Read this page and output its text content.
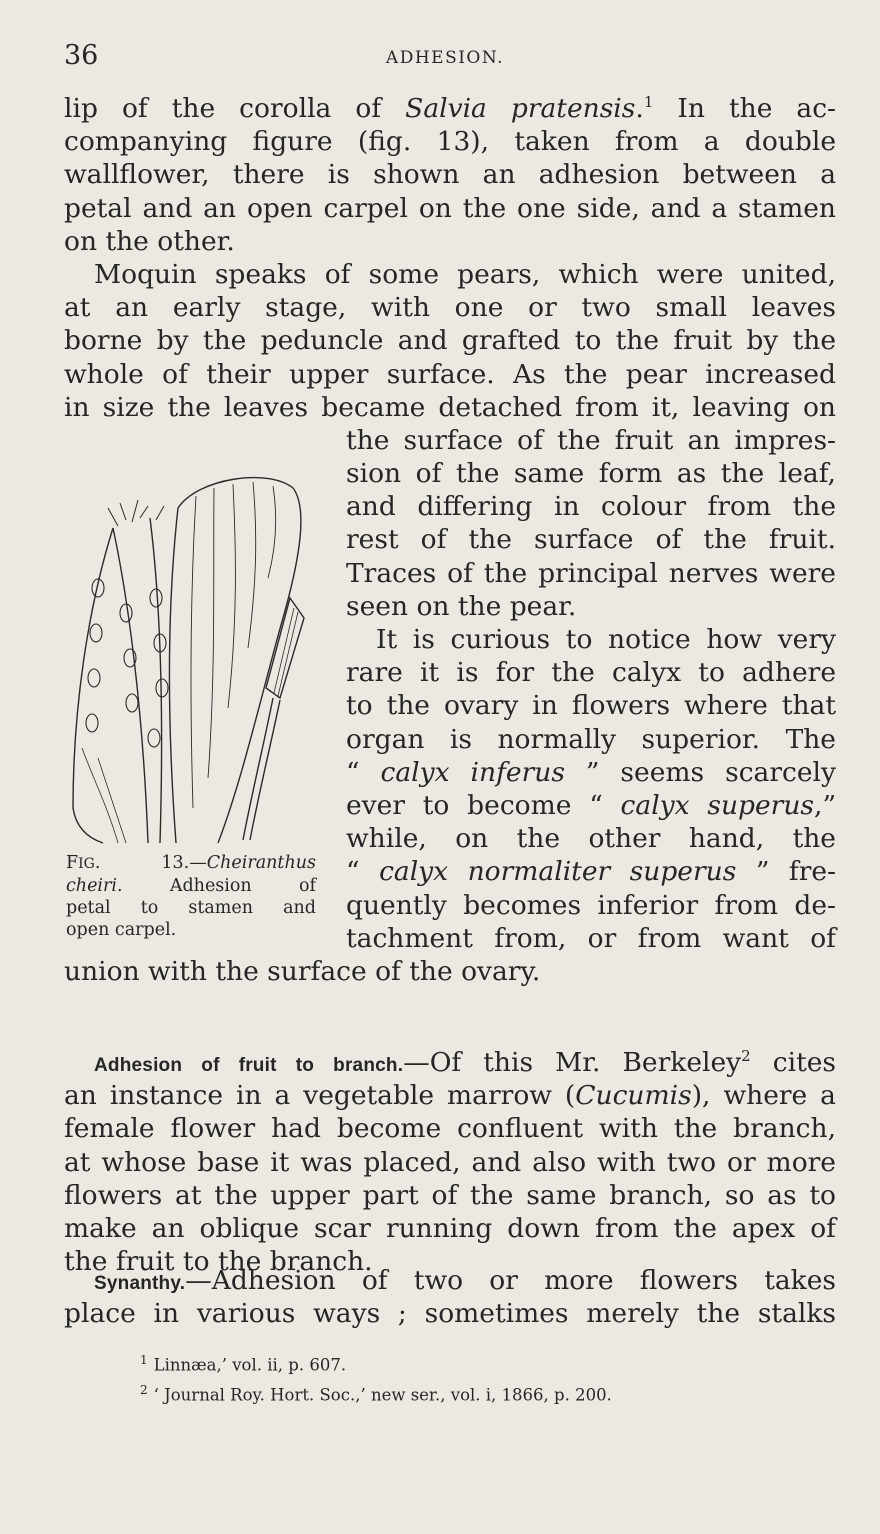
36	ADHESION.
lip of the corolla of Salvia pratensis.$^1$ In the ac-
companying figure (fig. 13), taken from a double
wallflower, there is shown an adhesion between a
petal and an open carpel on the one side, and a stamen
on the other.
Moquin speaks of some pears, which were united,
at an early stage, with one or two small leaves
borne by the peduncle and grafted to the fruit by the
whole of their upper surface. As the pear increased
in size the leaves became detached from it, leaving on
the surface of the fruit an impres-
sion of the same form as the leaf,
and differing in colour from the
rest of the surface of the fruit.
Traces of the principal nerves were
seen on the pear.
It is curious to notice how very
rare it is for the calyx to adhere
to the ovary in flowers where that
organ is normally superior. The
“ calyx inferus ” seems scarcely
ever to become “ calyx superus,”
while, on the other hand, the
“ calyx normaliter superus ” fre-
quently becomes inferior from de-
tachment from, or from want of
union with the surface of the ovary.
Adhesion of fruit to branch.—Of this Mr. Berkeley$^2$ cites
an instance in a vegetable marrow (Cucumis), where a
female flower had become confluent with the branch,
at whose base it was placed, and also with two or more
flowers at the upper part of the same branch, so as to
make an oblique scar running down from the apex of
the fruit to the branch.
Synanthy.—Adhesion of two or more flowers takes
place in various ways ; sometimes merely the stalks
FIG. 13.—Cheiranthus
cheiri. Adhesion of
petal to stamen and
open carpel.
$^1$ Linnæa,’ vol. ii, p. 607.
$^2$ ‘ Journal Roy. Hort. Soc.,’ new ser., vol. i, 1866, p. 200.
